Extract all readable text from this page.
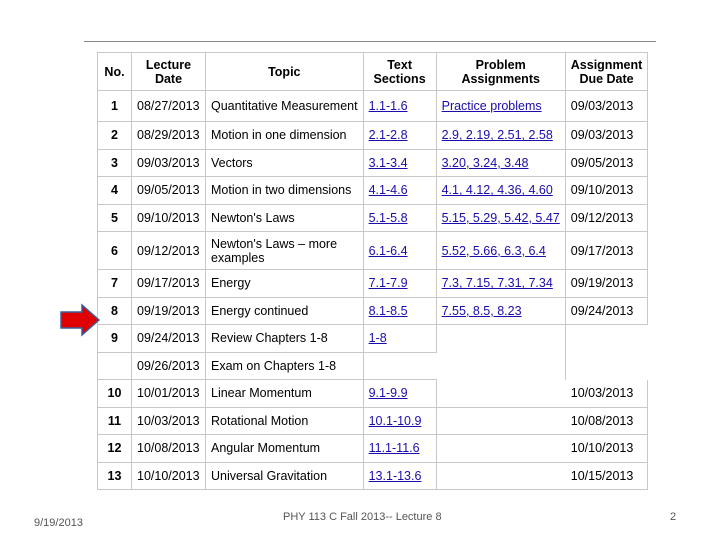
No.	Lecture Date	Topic	Text Sections	Problem Assignments	Assignment Due Date
1	08/27/2013	Quantitative Measurement	1.1-1.6	Practice problems	09/03/2013
2	08/29/2013	Motion in one dimension	2.1-2.8	2.9, 2.19, 2.51, 2.58	09/03/2013
3	09/03/2013	Vectors	3.1-3.4	3.20, 3.24, 3.48	09/05/2013
4	09/05/2013	Motion in two dimensions	4.1-4.6	4.1, 4.12, 4.36, 4.60	09/10/2013
5	09/10/2013	Newton's Laws	5.1-5.8	5.15, 5.29, 5.42, 5.47	09/12/2013
6	09/12/2013	Newton's Laws – more examples	6.1-6.4	5.52, 5.66, 6.3, 6.4	09/17/2013
7	09/17/2013	Energy	7.1-7.9	7.3, 7.15, 7.31, 7.34	09/19/2013
8	09/19/2013	Energy continued	8.1-8.5	7.55, 8.5, 8.23	09/24/2013
9	09/24/2013	Review Chapters 1-8	1-8		
	09/26/2013	Exam on Chapters 1-8			
10	10/01/2013	Linear Momentum	9.1-9.9		10/03/2013
11	10/03/2013	Rotational Motion	10.1-10.9		10/08/2013
12	10/08/2013	Angular Momentum	11.1-11.6		10/10/2013
13	10/10/2013	Universal Gravitation	13.1-13.6		10/15/2013
9/19/2013	PHY 113 C Fall 2013-- Lecture 8	2
